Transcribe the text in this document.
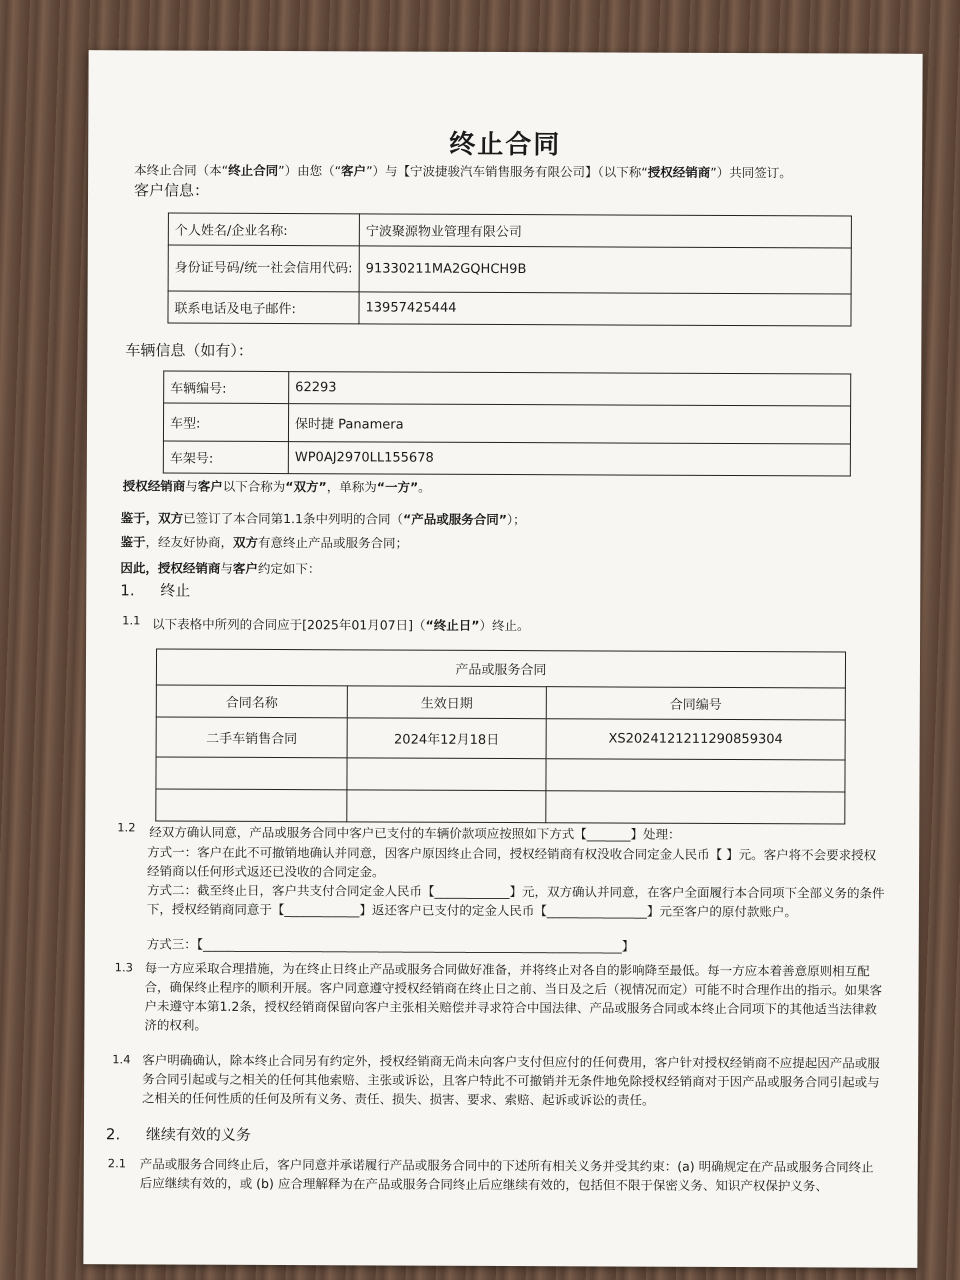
终止合同
本终止合同（本“终止合同”）由您（“客户”）与【宁波捷骏汽车销售服务有限公司】（以下称“授权经销商”）共同签订。
客户信息：
个人姓名/企业名称:	宁波聚源物业管理有限公司
身份证号码/统一社会信用代码:	91330211MA2GQHCH9B
联系电话及电子邮件:	13957425444
车辆信息（如有）：
车辆编号:	62293
车型:	保时捷 Panamera
车架号:	WP0AJ2970LL155678
授权经销商与客户以下合称为“双方”，单称为“一方”。
鉴于，双方已签订了本合同第1.1条中列明的合同（“产品或服务合同”）；
鉴于，经友好协商，双方有意终止产品或服务合同；
因此，授权经销商与客户约定如下：
1. 终止
1.1 以下表格中所列的合同应于[2025年01月07日]（“终止日”）终止。
产品或服务合同		
合同名称	生效日期	合同编号
二手车销售合同	2024年12月18日	XS2024121211290859304

1.2 经双方确认同意，产品或服务合同中客户已支付的车辆价款项应按照如下方式【_______】处理：
方式一：客户在此不可撤销地确认并同意，因客户原因终止合同，授权经销商有权没收合同定金人民币【 】元。客户将不会要求授权经销商以任何形式返还已没收的合同定金。
方式二：截至终止日，客户共支付合同定金人民币【____________】元，双方确认并同意，在客户全面履行本合同项下全部义务的条件下，授权经销商同意于【____________】返还客户已支付的定金人民币【________________】元至客户的原付款账户。
方式三：【___________________________________________________________________】
1.3 每一方应采取合理措施，为在终止日终止产品或服务合同做好准备，并将终止对各自的影响降至最低。每一方应本着善意原则相互配合，确保终止程序的顺利开展。客户同意遵守授权经销商在终止日之前、当日及之后（视情况而定）可能不时合理作出的指示。如果客户未遵守本第1.2条，授权经销商保留向客户主张相关赔偿并寻求符合中国法律、产品或服务合同或本终止合同项下的其他适当法律救济的权利。
1.4 客户明确确认，除本终止合同另有约定外，授权经销商无尚未向客户支付但应付的任何费用，客户针对授权经销商不应提起因产品或服务合同引起或与之相关的任何其他索赔、主张或诉讼，且客户特此不可撤销并无条件地免除授权经销商对于因产品或服务合同引起或与之相关的任何性质的任何及所有义务、责任、损失、损害、要求、索赔、起诉或诉讼的责任。
2. 继续有效的义务
2.1 产品或服务合同终止后，客户同意并承诺履行产品或服务合同中的下述所有相关义务并受其约束：(a) 明确规定在产品或服务合同终止后应继续有效的，或 (b) 应合理解释为在产品或服务合同终止后应继续有效的，包括但不限于保密义务、知识产权保护义务、
